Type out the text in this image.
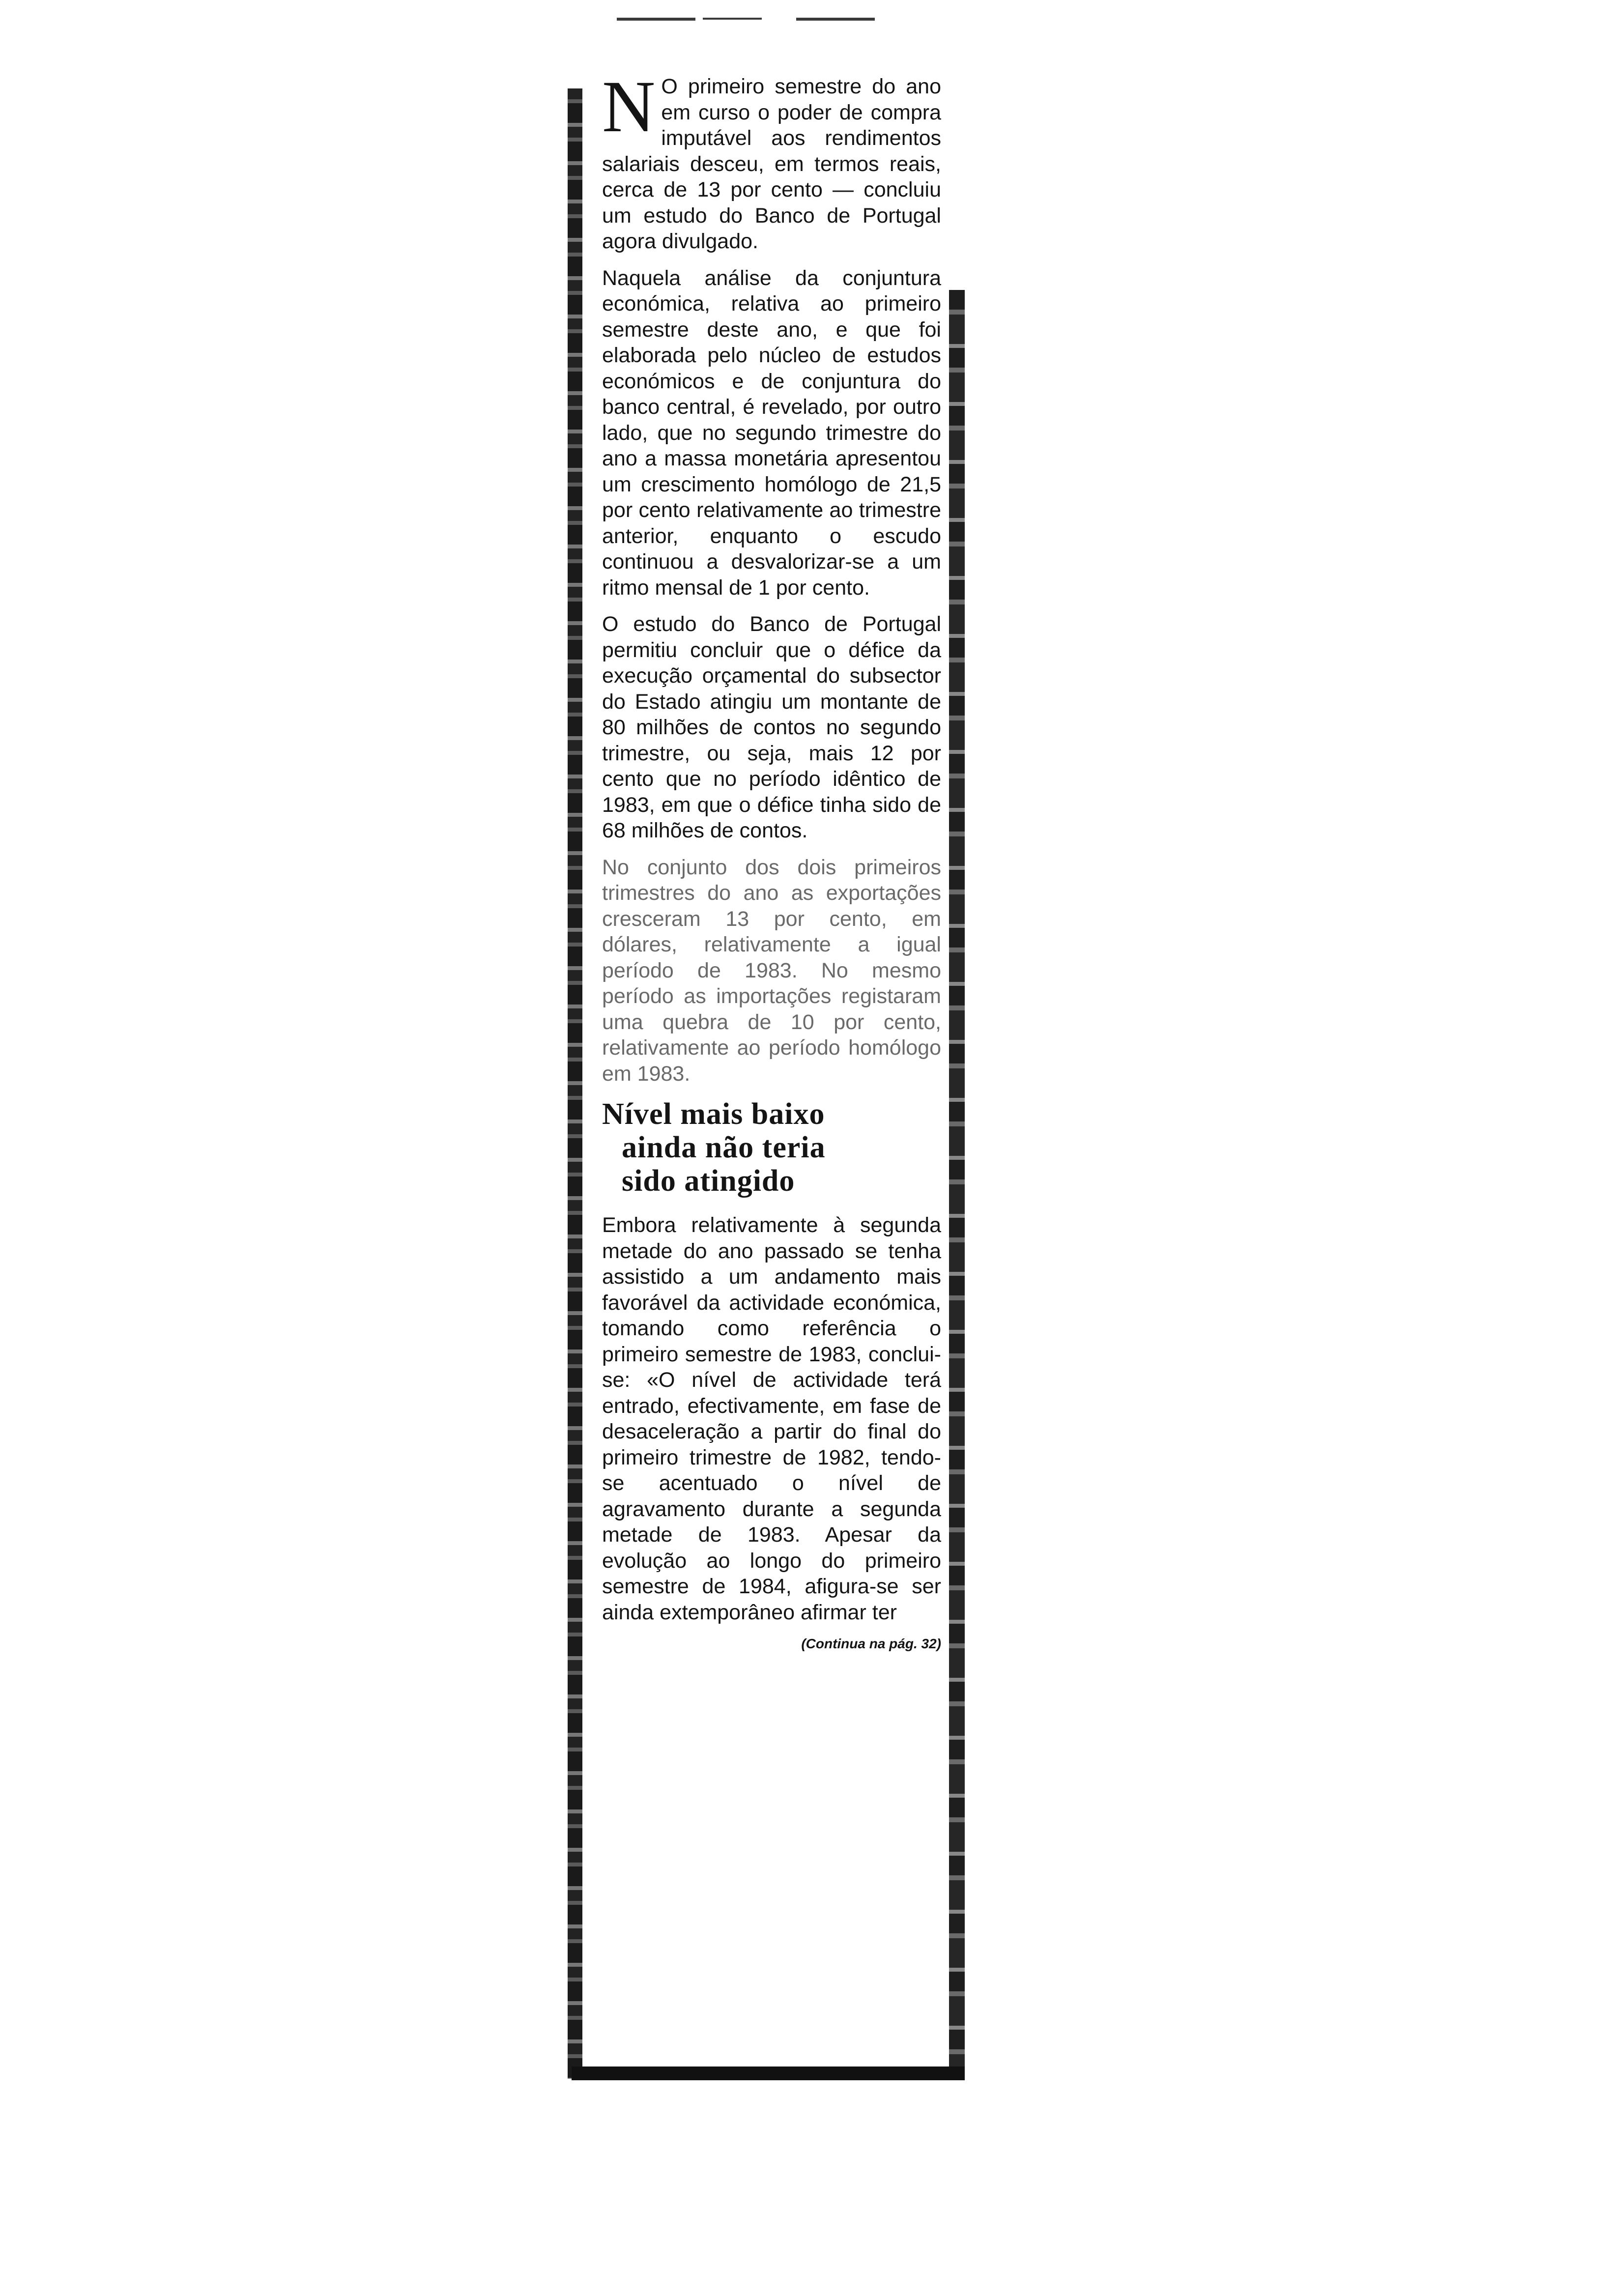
N O primeiro semestre do ano em curso o poder de compra imputável aos rendimentos salariais desceu, em termos reais, cerca de 13 por cento — concluiu um estudo do Banco de Portugal agora divulgado.

Naquela análise da conjuntura económica, relativa ao primeiro semestre deste ano, e que foi elaborada pelo núcleo de estudos económicos e de conjuntura do banco central, é revelado, por outro lado, que no segundo trimestre do ano a massa monetária apresentou um crescimento homólogo de 21,5 por cento relativamente ao trimestre anterior, enquanto o escudo continuou a desvalorizar-se a um ritmo mensal de 1 por cento.

O estudo do Banco de Portugal permitiu concluir que o défice da execução orçamental do subsector do Estado atingiu um montante de 80 milhões de contos no segundo trimestre, ou seja, mais 12 por cento que no período idêntico de 1983, em que o défice tinha sido de 68 milhões de contos.

No conjunto dos dois primeiros trimestres do ano as exportações cresceram 13 por cento, em dólares, relativamente a igual período de 1983. No mesmo período as importações registaram uma quebra de 10 por cento, relativamente ao período homólogo em 1983.

Nível mais baixo
ainda não teria
sido atingido

Embora relativamente à segunda metade do ano passado se tenha assistido a um andamento mais favorável da actividade económica, tomando como referência o primeiro semestre de 1983, conclui-se: «O nível de actividade terá entrado, efectivamente, em fase de desaceleração a partir do final do primeiro trimestre de 1982, tendo-se acentuado o nível de agravamento durante a segunda metade de 1983. Apesar da evolução ao longo do primeiro semestre de 1984, afigura-se ser ainda extemporâneo afirmar ter

(Continua na pág. 32)
